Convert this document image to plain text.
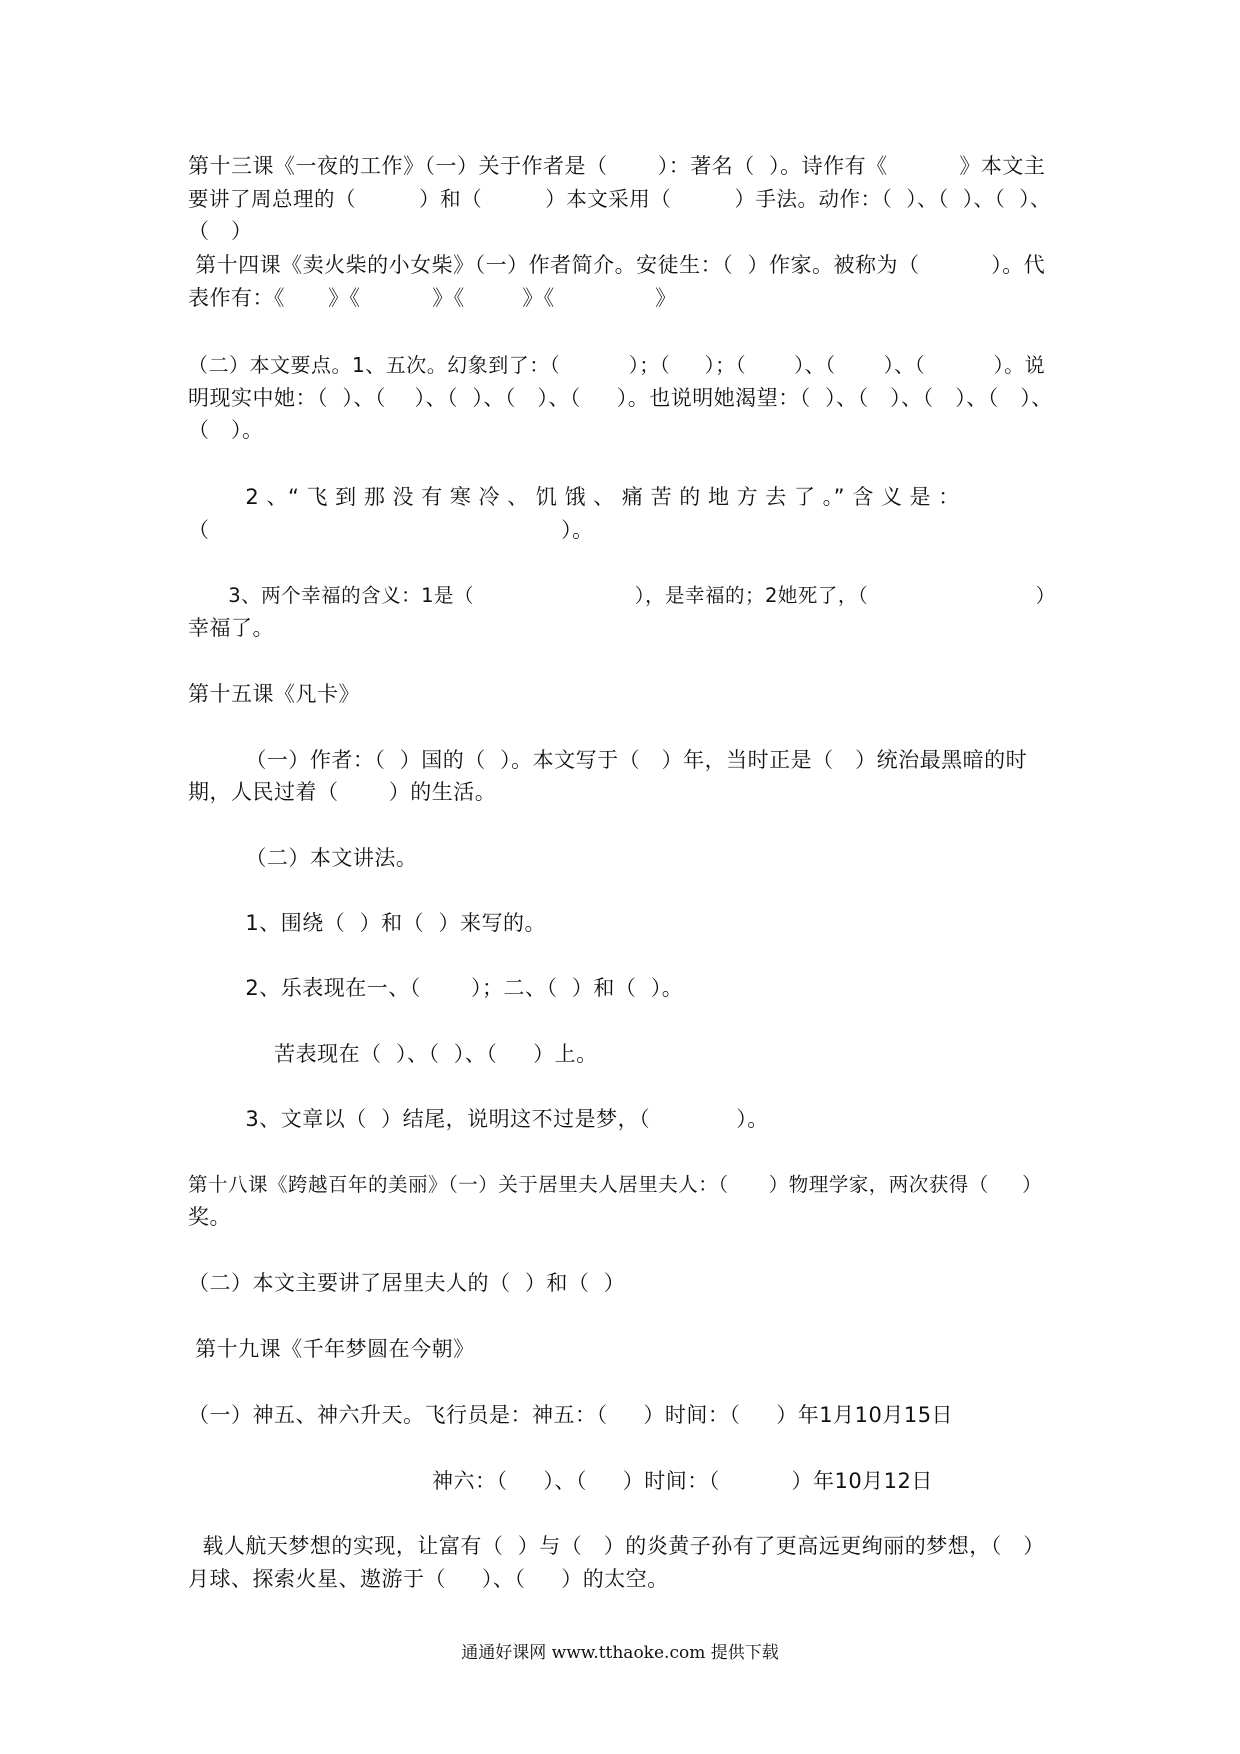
第十三课《一夜的工作》（一）关于作者是（       ）：著名（  ）。诗作有《          》本文主

要讲了周总理的（         ）和（         ）本文采用（         ）手法。动作：（  ）、（  ）、（  ）、

（   ）

第十四课《卖火柴的小女柴》（一）作者简介。安徒生：（  ）作家。被称为（          ）。代

表作有：《      》《          》《        》《              》

（二）本文要点。1、五次。幻象到了：（          ）；（     ）；（       ）、（       ）、（          ）。说

明现实中她：（  ）、（    ）、（  ）、（   ）、（     ）。也说明她渴望：（  ）、（   ）、（   ）、（   ）、

（   ）。

2 、“ 飞 到 那 没 有 寒 冷 、 饥 饿 、 痛 苦 的 地 方 去 了 。” 含 义 是 ：

（                                                 ）。

3、两个幸福的含义：1是（                        ），是幸福的；2她死了，（                         ）

幸福了。

第十五课《凡卡》

（一）作者：（  ）国的（  ）。本文写于（   ）年，当时正是（   ）统治最黑暗的时

期，人民过着（       ）的生活。

（二）本文讲法。

1、围绕（  ）和（  ）来写的。

2、乐表现在一、（       ）；二、（  ）和（  ）。

苦表现在（  ）、（  ）、（     ）上。

3、文章以（  ）结尾，说明这不过是梦，（            ）。

第十八课《跨越百年的美丽》（一）关于居里夫人居里夫人：（      ）物理学家，两次获得（     ）

奖。

（二）本文主要讲了居里夫人的（  ）和（  ）

第十九课《千年梦圆在今朝》

（一）神五、神六升天。飞行员是：神五：（     ）时间：（     ）年1月10月15日

神六：（     ）、（     ）时间：（          ）年10月12日

载人航天梦想的实现，让富有（  ）与（   ）的炎黄子孙有了更高远更绚丽的梦想，（   ）

月球、探索火星、遨游于（     ）、（     ）的太空。

通通好课网 www.tthaoke.com 提供下载
